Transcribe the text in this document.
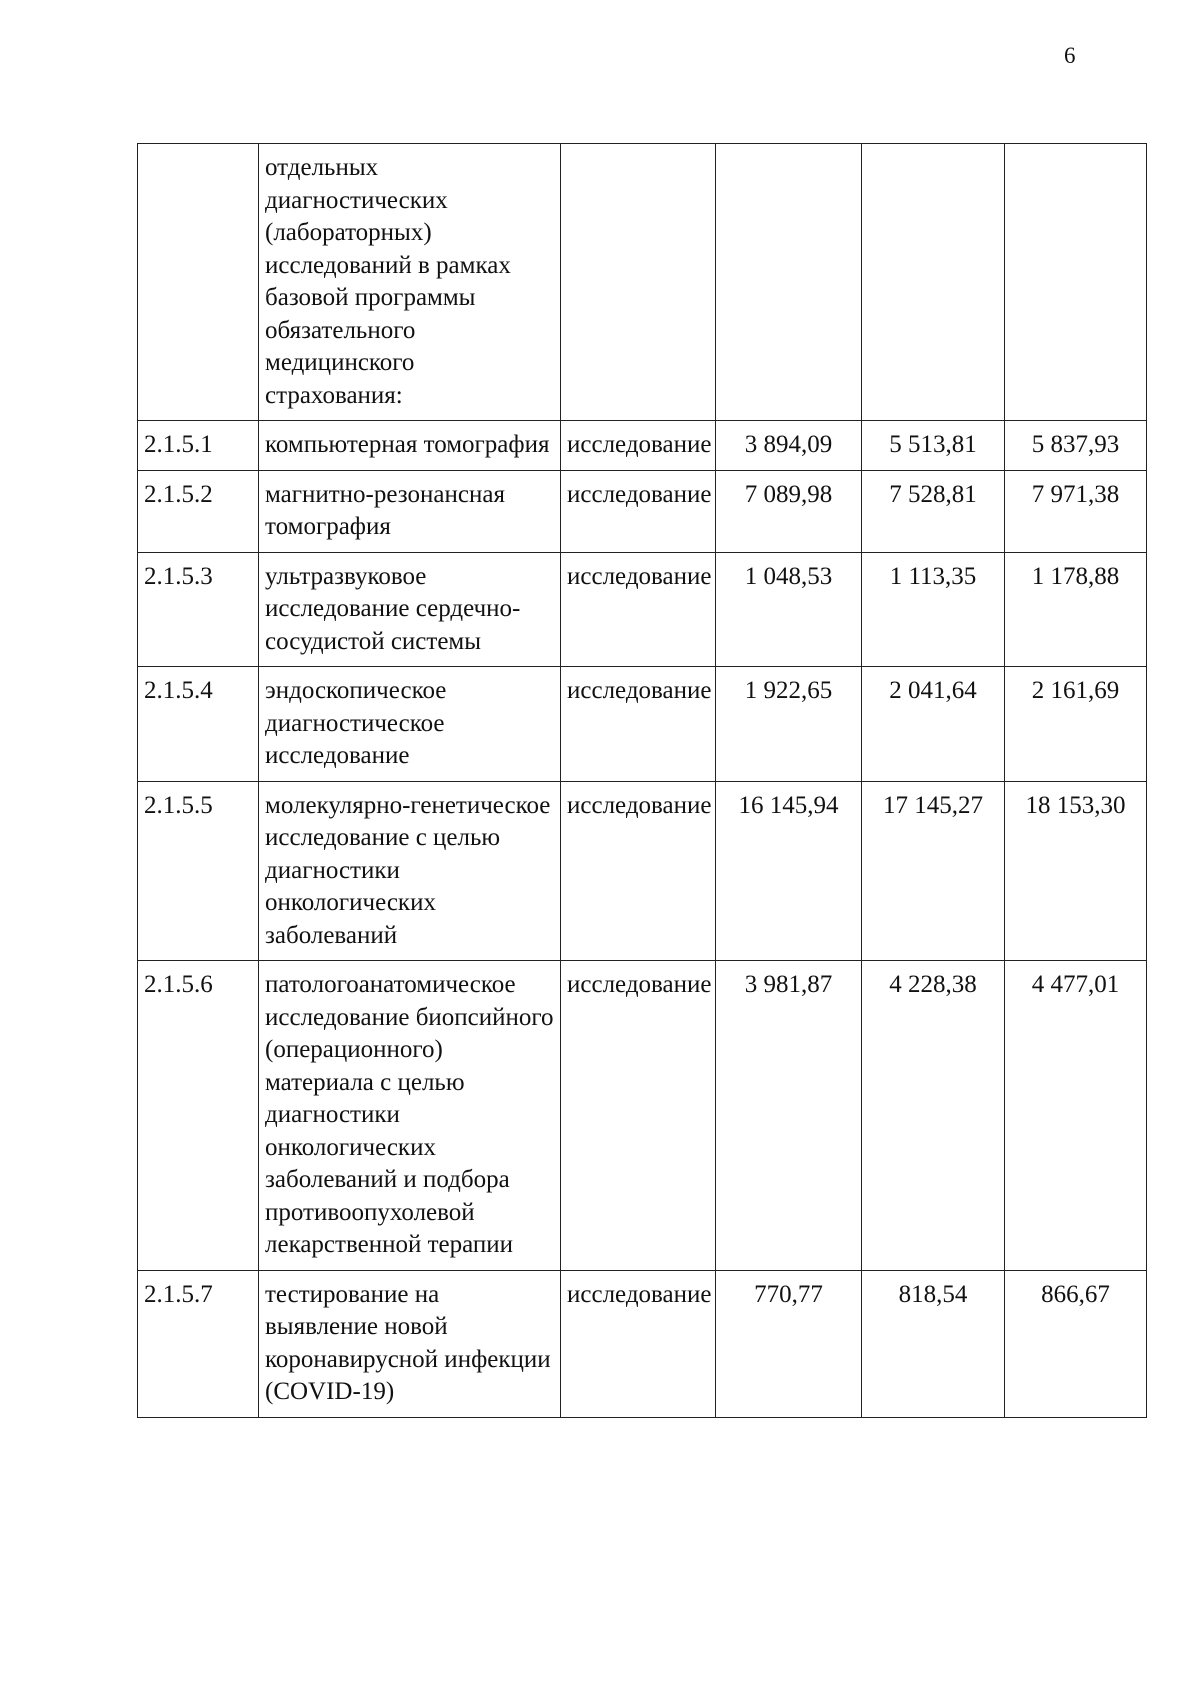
6
	отдельных диагностических (лабораторных) исследований в рамках базовой программы обязательного медицинского страхования:				
2.1.5.1	компьютерная томография	исследование	3 894,09	5 513,81	5 837,93
2.1.5.2	магнитно-резонансная томография	исследование	7 089,98	7 528,81	7 971,38
2.1.5.3	ультразвуковое исследование сердечно-сосудистой системы	исследование	1 048,53	1 113,35	1 178,88
2.1.5.4	эндоскопическое диагностическое исследование	исследование	1 922,65	2 041,64	2 161,69
2.1.5.5	молекулярно-генетическое исследование с целью диагностики онкологических заболеваний	исследование	16 145,94	17 145,27	18 153,30
2.1.5.6	патологоанатомическое исследование биопсийного (операционного) материала с целью диагностики онкологических заболеваний и подбора противоопухолевой лекарственной терапии	исследование	3 981,87	4 228,38	4 477,01
2.1.5.7	тестирование на выявление новой коронавирусной инфекции (COVID-19)	исследование	770,77	818,54	866,67
